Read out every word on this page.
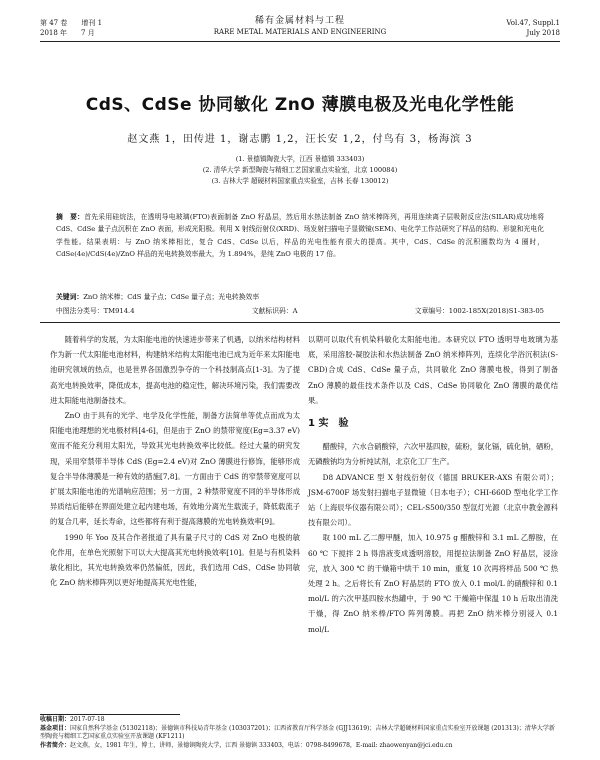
第 47 卷　　 增刊 1
2018 年　　 7 月
稀有金属材料与工程
RARE METAL MATERIALS AND ENGINEERING
Vol.47, Suppl.1
July 2018
CdS、CdSe 协同敏化 ZnO 薄膜电极及光电化学性能
赵文燕 1，田传进 1，谢志鹏 1,2，汪长安 1,2，付鸟有 3，杨海滨 3
(1. 景德镇陶瓷大学，江西 景德镇 333403)
(2. 清华大学 新型陶瓷与精细工艺国家重点实验室，北京 100084)
(3. 吉林大学 超硬材料国家重点实验室，吉林 长春 130012)
摘　要：首先采用硅烷法，在透明导电玻璃(FTO)表面制备 ZnO 籽晶层，然后用水热法制备 ZnO 纳米棒阵列，再用连续离子层吸附反应法(SILAR)成功地将 CdS、CdSe 量子点沉积在 ZnO 表面，形成光阳极。利用 X 射线衍射仪(XRD)、场发射扫描电子显微镜(SEM)、电化学工作站研究了样品的结构、形貌和光电化学性能。结果表明：与 ZnO 纳米棒相比，复合 CdS、CdSe 以后，样品的光电性能有很大的提高。其中，CdS、CdSe 的沉积圈数均为 4 圈时，CdSe(4e)/CdS(4e)/ZnO 样品的光电转换效率最大，为 1.894%，是纯 ZnO 电极的 17 倍。
关键词：ZnO 纳米棒；CdS 量子点；CdSe 量子点；光电转换效率
中图法分类号：TM914.4	文献标识码：A	文章编号：1002-185X(2018)S1-383-05

随着科学的发展，为太阳能电池的快速进步带来了机遇，以纳米结构材料作为新一代太阳能电池材料，构建纳米结构太阳能电池已成为近年来太阳能电池研究领域的热点，也是世界各国激烈争夺的一个科技制高点[1-3]。为了提高光电转换效率，降低成本，提高电池的稳定性，解决环境污染，我们需要改进太阳能电池制备技术。

ZnO 由于具有的光学、电学及化学性能，制备方法简单等优点而成为太阳能电池理想的光电极材料[4-6]，但是由于 ZnO 的禁带宽度(Eg=3.37 eV)宽而不能充分利用太阳光，导致其光电转换效率比较低。经过大量的研究发现，采用窄禁带半导体 CdS (Eg=2.4 eV)对 ZnO 薄膜进行修饰，能够形成复合半导体薄膜是一种有效的措施[7,8]。一方面由于 CdS 的窄禁带宽度可以扩展太阳能电池的光谱响应范围；另一方面，2 种禁带宽度不同的半导体形成异质结后能够在界面处建立起内建电场，有效地分离光生载流子，降低载流子的复合几率，延长寿命，这些都将有利于提高薄膜的光电转换效率[9]。

1990 年 Yoo 及其合作者报道了具有量子尺寸的 CdS 对 ZnO 电极的敏化作用，在单色光照射下可以大大提高其光电转换效率[10]。但是与有机染料敏化相比，其光电转换效率仍然偏低，因此，我们选用 CdS、CdSe 协同敏化 ZnO 纳米棒阵列以更好地提高其光电性能，

以期可以取代有机染料敏化太阳能电池。本研究以 FTO 透明导电玻璃为基底，采用溶胶-凝胶法和水热法制备 ZnO 纳米棒阵列，连续化学浴沉积法(S-CBD)合成 CdS、CdSe 量子点，共同敏化 ZnO 薄膜电极，得到了制备 ZnO 薄膜的最佳技术条件以及 CdS、CdSe 协同敏化 ZnO 薄膜的最优结果。

1 实　验

醋酸锌，六水合硝酸锌，六次甲基四胺，硫粉，氯化镉，硫化钠，硒粉，无磷酸钠均为分析纯试剂，北京化工厂生产。

D8 ADVANCE 型 X 射线衍射仪（德国 BRUKER-AXS 有限公司）；JSM-6700F 场发射扫描电子显微镜（日本电子）；CHI-660D 型电化学工作站（上海辰华仪器有限公司）；CEL-S500/350 型氙灯光源（北京中教金源科技有限公司）。

取 100 mL 乙二醇甲醚，加入 10.975 g 醋酸锌和 3.1 mL 乙醇胺，在 60 ℃ 下搅拌 2 h 得溶液变成透明溶胶，用提拉法制备 ZnO 籽晶层，浸涂完，放入 300 ℃ 的干燥箱中烘干 10 min，重复 10 次再将样品 500 ℃ 热处理 2 h。之后将长有 ZnO 籽晶层的 FTO 放入 0.1 mol/L 的硝酸锌和 0.1 mol/L 的六次甲基四胺水热罐中，于 90 ℃ 干燥箱中保温 10 h 后取出清洗干燥，得 ZnO 纳米棒/FTO 阵列薄膜。再把 ZnO 纳米棒分别浸入 0.1 mol/L

收稿日期：2017-07-18
基金项目：国家自然科学基金 (51302118)；景德镇市科技局青年基金 (103037201)；江西省教育厅科学基金 (GJJ13619)；吉林大学超硬材料国家重点实验室开放课题 (201313)；清华大学新型陶瓷与精细工艺国家重点实验室开放课题 (KF1211)
作者简介：赵文燕，女，1981 年生，博士，讲师，景德镇陶瓷大学，江西 景德镇 333403，电话：0798-8499678，E-mail: zhaowenyan@jci.edu.cn
